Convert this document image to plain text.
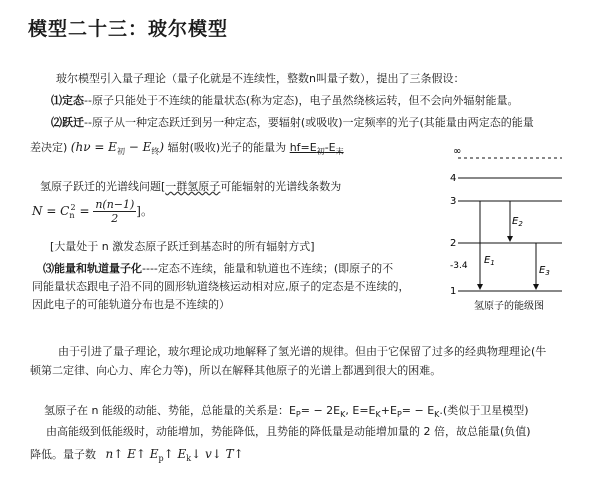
模型二十三：玻尔模型
玻尔模型引入量子理论（量子化就是不连续性，整数n叫量子数），提出了三条假设：
⑴定态--原子只能处于不连续的能量状态(称为定态)，电子虽然绕核运转，但不会向外辐射能量。
⑵跃迁--原子从一种定态跃迁到另一种定态，要辐射(或吸收)一定频率的光子(其能量由两定态的能量
差决定) $(h\nu = E_初 - E_终)$ 辐射(吸收)光子的能量为 $hf=E_初-E_末$
氢原子跃迁的光谱线问题[一群氢原子可能辐射的光谱线条数为
$N = C_n^2 = \frac{n(n-1)}{2}$ ]。
[大量处于 n 激发态原子跃迁到基态时的所有辐射方式]
⑶能量和轨道量子化----定态不连续，能量和轨道也不连续；(即原子的不
同能量状态跟电子沿不同的圆形轨道绕核运动相对应,原子的定态是不连续的，
因此电子的可能轨道分布也是不连续的）
由于引进了量子理论，玻尔理论成功地解释了氢光谱的规律。但由于它保留了过多的经典物理理论(牛
顿第二定律、向心力、库仑力等)，所以在解释其他原子的光谱上都遇到很大的困难。
氢原子在 n 能级的动能、势能，总能量的关系是：$E_P= - 2E_K$, $E=E_K+E_P= - E_K$.(类似于卫星模型)
由高能级到低能级时，动能增加，势能降低，且势能的降低量是动能增加量的 2 倍，故总能量(负值)
降低。量子数 n↑ E↑ $E_p↑$ $E_k↓$ v↓ T↑
∞
4
3
2
-3.4
1
$E_2$
$E_1$
$E_3$
氢原子的能级图
